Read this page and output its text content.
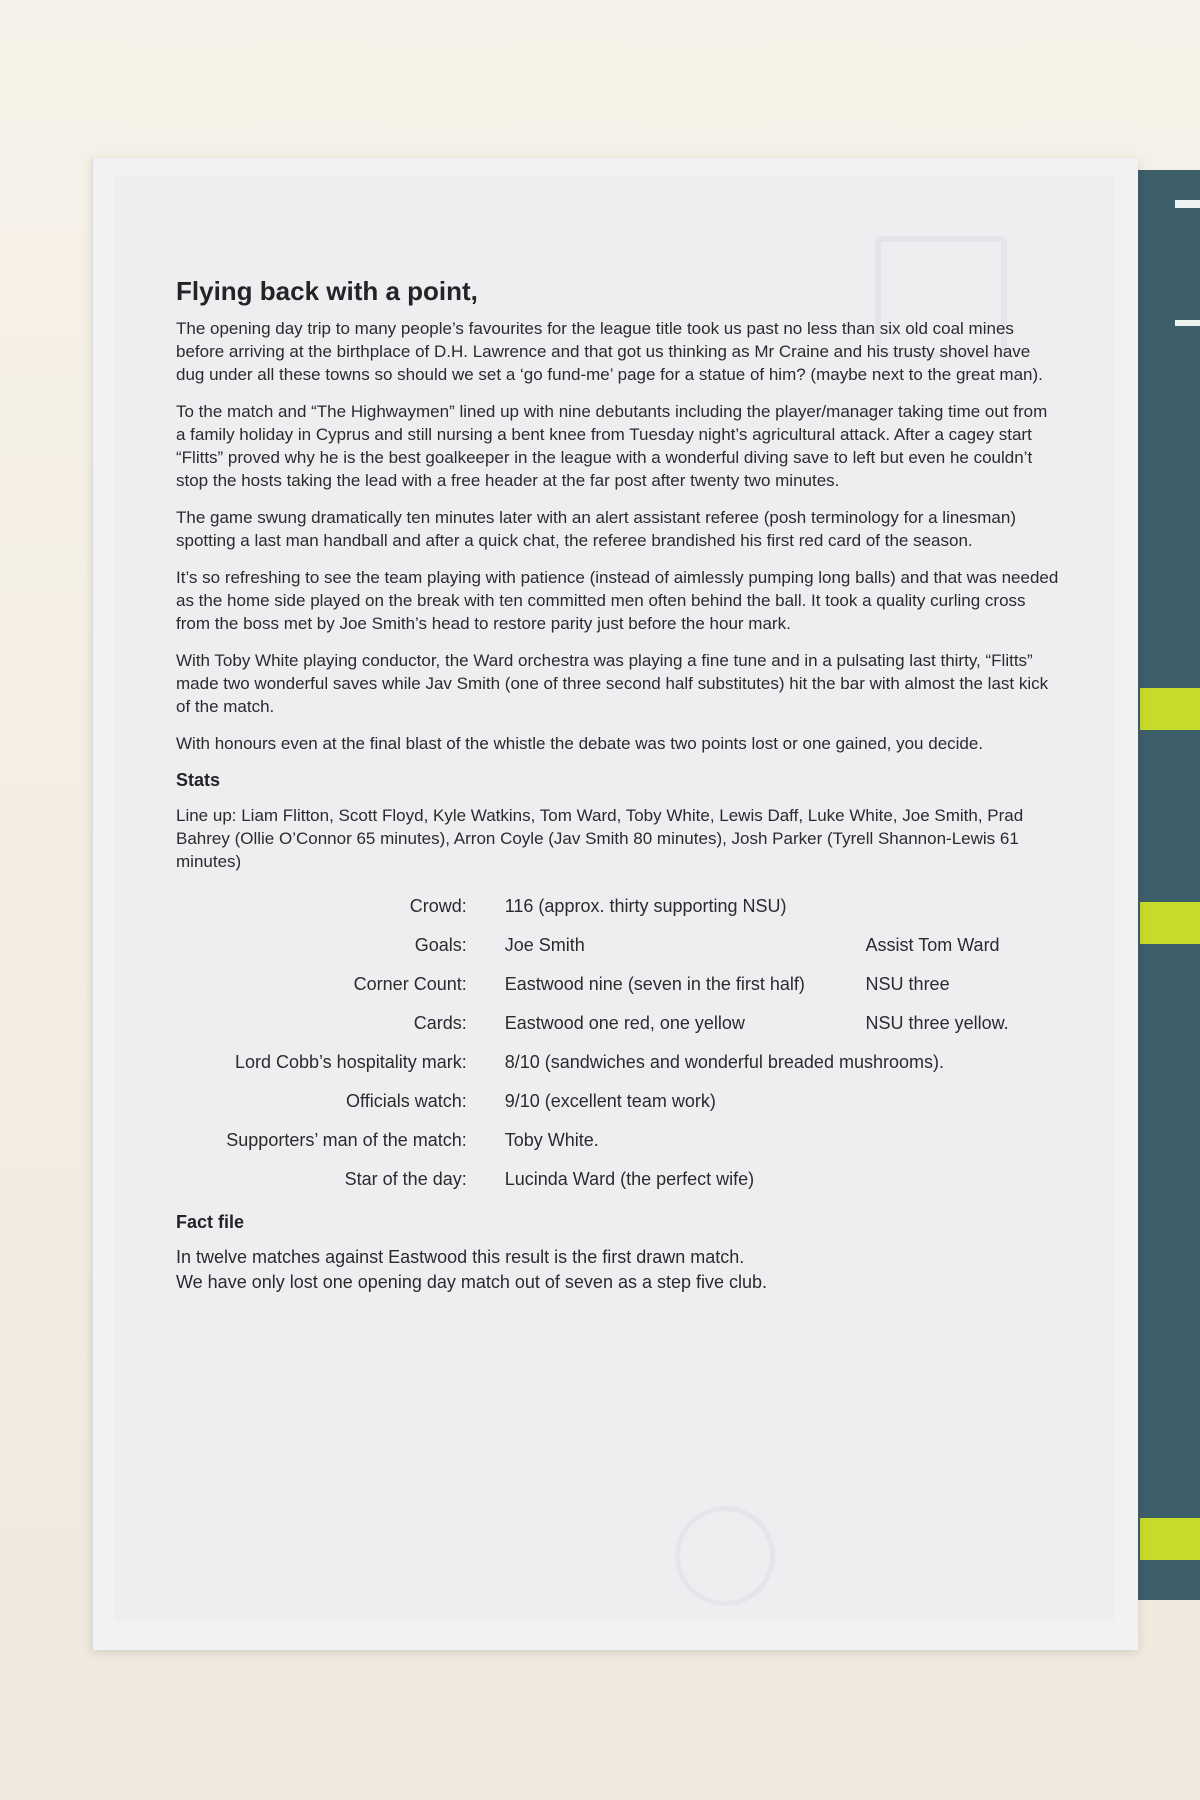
Flying back with a point,

The opening day trip to many people’s favourites for the league title took us past no less than six old coal mines before arriving at the birthplace of D.H. Lawrence and that got us thinking as Mr Craine and his trusty shovel have dug under all these towns so should we set a ‘go fund-me’ page for a statue of him? (maybe next to the great man).

To the match and “The Highwaymen” lined up with nine debutants including the player/manager taking time out from a family holiday in Cyprus and still nursing a bent knee from Tuesday night’s agricultural attack. After a cagey start “Flitts” proved why he is the best goalkeeper in the league with a wonderful diving save to left but even he couldn’t stop the hosts taking the lead with a free header at the far post after twenty two minutes.

The game swung dramatically ten minutes later with an alert assistant referee (posh terminology for a linesman) spotting a last man handball and after a quick chat, the referee brandished his first red card of the season.

It’s so refreshing to see the team playing with patience (instead of aimlessly pumping long balls) and that was needed as the home side played on the break with ten committed men often behind the ball. It took a quality curling cross from the boss met by Joe Smith’s head to restore parity just before the hour mark.

With Toby White playing conductor, the Ward orchestra was playing a fine tune and in a pulsating last thirty, “Flitts” made two wonderful saves while Jav Smith (one of three second half substitutes) hit the bar with almost the last kick of the match.

With honours even at the final blast of the whistle the debate was two points lost or one gained, you decide.

Stats

Line up: Liam Flitton, Scott Floyd, Kyle Watkins, Tom Ward, Toby White, Lewis Daff, Luke White, Joe Smith, Prad Bahrey (Ollie O’Connor 65 minutes), Arron Coyle (Jav Smith 80 minutes), Josh Parker (Tyrell Shannon-Lewis 61 minutes)

Crowd:	116 (approx. thirty supporting NSU)	
Goals:	Joe Smith	Assist Tom Ward
Corner Count:	Eastwood nine (seven in the first half)	NSU three
Cards:	Eastwood one red, one yellow	NSU three yellow.
Lord Cobb’s hospitality mark:	8/10 (sandwiches and wonderful breaded mushrooms).	
Officials watch:	9/10 (excellent team work)	
Supporters’ man of the match:	Toby White.	
Star of the day:	Lucinda Ward (the perfect wife)	
Fact file

In twelve matches against Eastwood this result is the first drawn match.

We have only lost one opening day match out of seven as a step five club.
